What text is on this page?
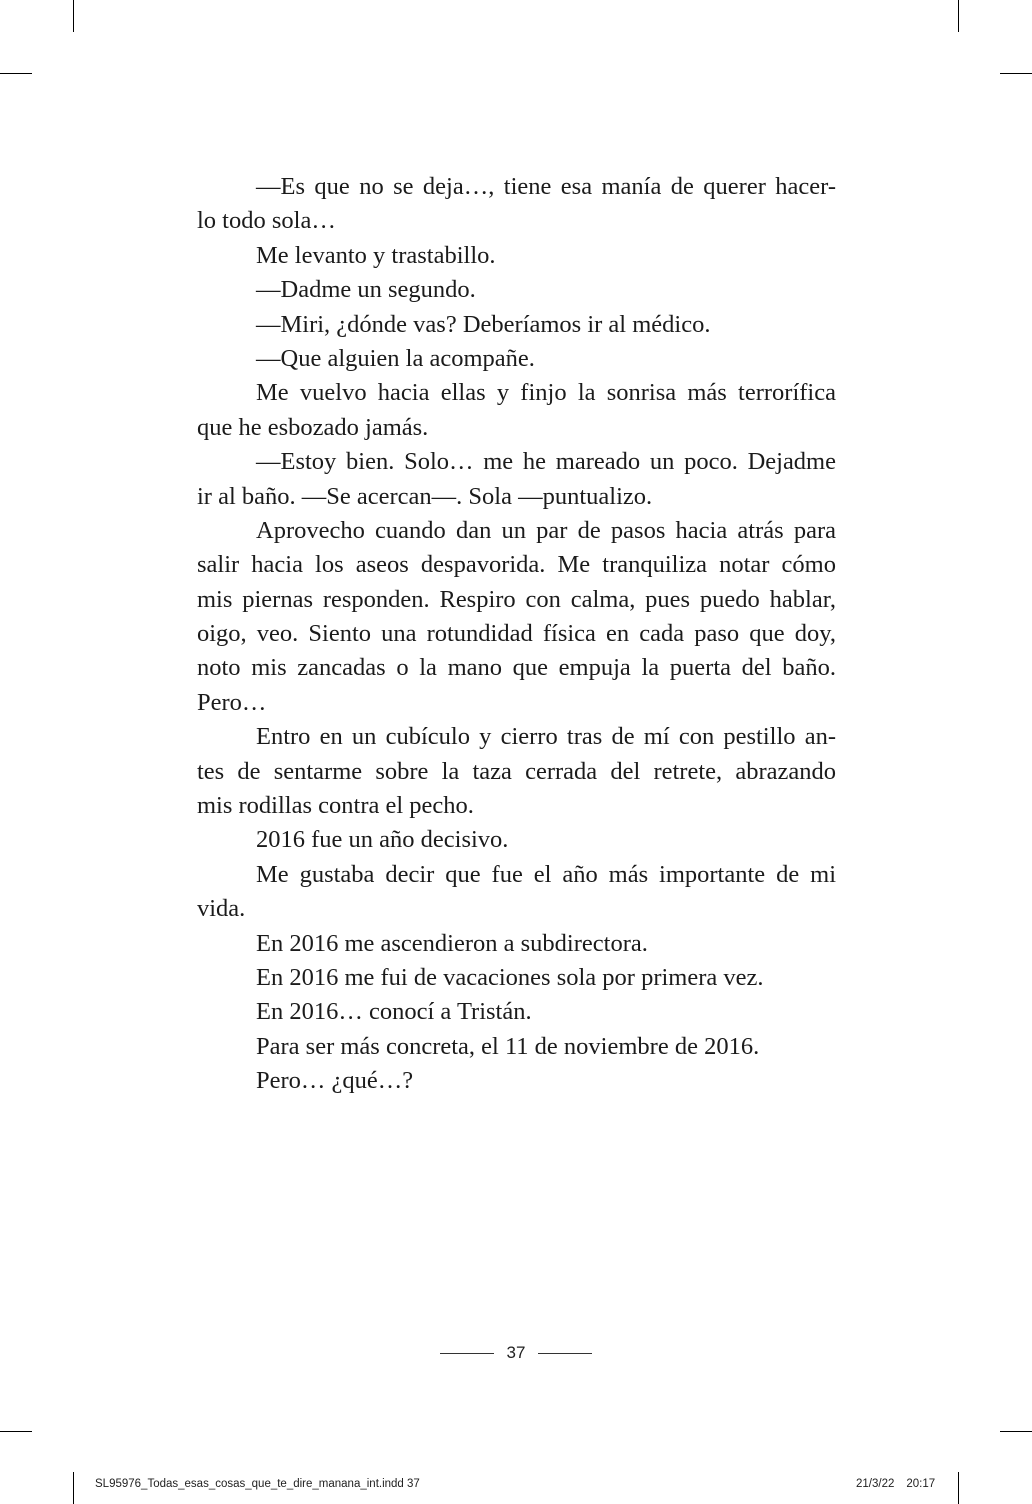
—Es que no se deja…, tiene esa manía de querer hacer-
lo todo sola…
Me levanto y trastabillo.
—Dadme un segundo.
—Miri, ¿dónde vas? Deberíamos ir al médico.
—Que alguien la acompañe.
Me vuelvo hacia ellas y finjo la sonrisa más terrorífica
que he esbozado jamás.
—Estoy bien. Solo… me he mareado un poco. Dejadme
ir al baño. —Se acercan—. Sola —puntualizo.
Aprovecho cuando dan un par de pasos hacia atrás para
salir hacia los aseos despavorida. Me tranquiliza notar cómo
mis piernas responden. Respiro con calma, pues puedo hablar,
oigo, veo. Siento una rotundidad física en cada paso que doy,
noto mis zancadas o la mano que empuja la puerta del baño.
Pero…
Entro en un cubículo y cierro tras de mí con pestillo an-
tes de sentarme sobre la taza cerrada del retrete, abrazando
mis rodillas contra el pecho.
2016 fue un año decisivo.
Me gustaba decir que fue el año más importante de mi
vida.
En 2016 me ascendieron a subdirectora.
En 2016 me fui de vacaciones sola por primera vez.
En 2016… conocí a Tristán.
Para ser más concreta, el 11 de noviembre de 2016.
Pero… ¿qué…?
37
SL95976_Todas_esas_cosas_que_te_dire_manana_int.indd 37	21/3/22 20:17
